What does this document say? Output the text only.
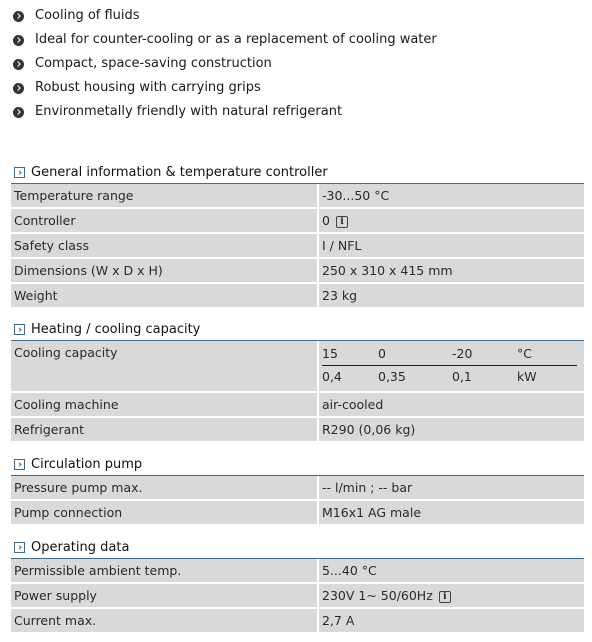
Cooling of fluids
Ideal for counter-cooling or as a replacement of cooling water
Compact, space-saving construction
Robust housing with carrying grips
Environmetally friendly with natural refrigerant
General information & temperature controller
Temperature range	-30...50 °C
Controller	0 i
Safety class	I / NFL
Dimensions (W x D x H)	250 x 310 x 415 mm
Weight	23 kg
Heating / cooling capacity
Cooling capacity	15	0	-20	°C
0,4	0,35	0,1	kW
Cooling machine	air-cooled
Refrigerant	R290 (0,06 kg)
Circulation pump
Pressure pump max.	-- l/min ; -- bar
Pump connection	M16x1 AG male
Operating data
Permissible ambient temp.	5...40 °C
Power supply	230V 1~ 50/60Hz i
Current max.	2,7 A
